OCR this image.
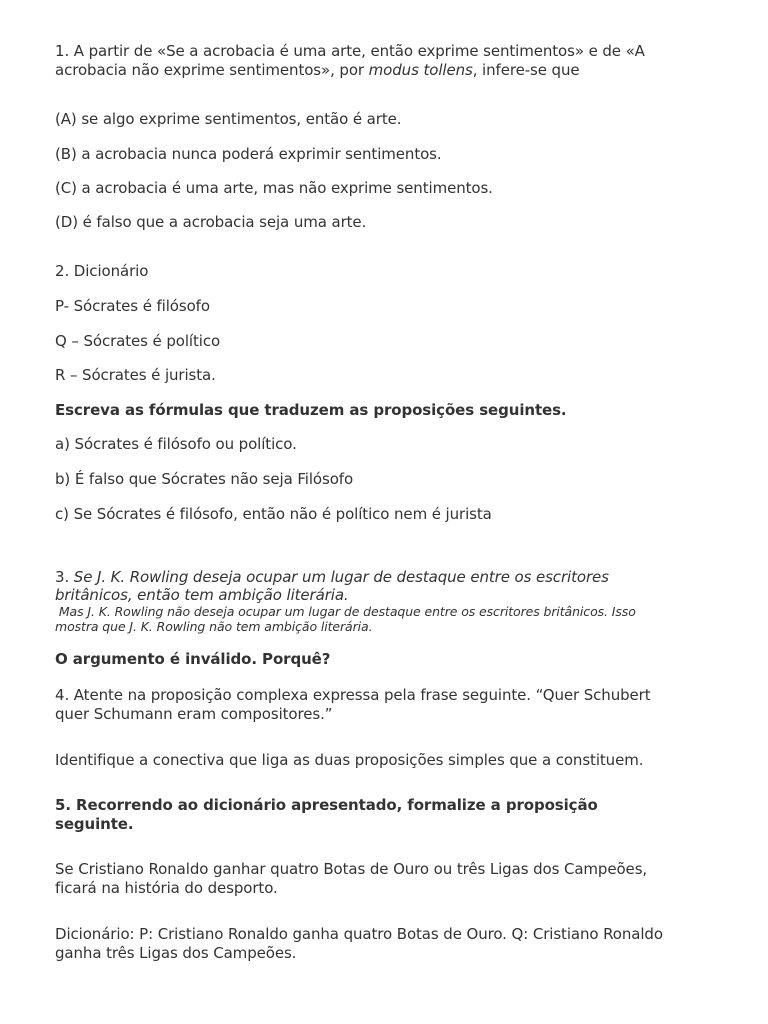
1. A partir de «Se a acrobacia é uma arte, então exprime sentimentos» e de «A
acrobacia não exprime sentimentos», por modus tollens, infere-se que
(A) se algo exprime sentimentos, então é arte.
(B) a acrobacia nunca poderá exprimir sentimentos.
(C) a acrobacia é uma arte, mas não exprime sentimentos.
(D) é falso que a acrobacia seja uma arte.
2. Dicionário
P- Sócrates é filósofo
Q – Sócrates é político
R – Sócrates é jurista.
Escreva as fórmulas que traduzem as proposições seguintes.
a) Sócrates é filósofo ou político.
b) É falso que Sócrates não seja Filósofo
c) Se Sócrates é filósofo, então não é político nem é jurista
3. Se J. K. Rowling deseja ocupar um lugar de destaque entre os escritores
britânicos, então tem ambição literária.
Mas J. K. Rowling não deseja ocupar um lugar de destaque entre os escritores britânicos. Isso
mostra que J. K. Rowling não tem ambição literária.
O argumento é inválido. Porquê?
4. Atente na proposição complexa expressa pela frase seguinte. “Quer Schubert
quer Schumann eram compositores.”
Identifique a conectiva que liga as duas proposições simples que a constituem.
5. Recorrendo ao dicionário apresentado, formalize a proposição
seguinte.
Se Cristiano Ronaldo ganhar quatro Botas de Ouro ou três Ligas dos Campeões,
ficará na história do desporto.
Dicionário: P: Cristiano Ronaldo ganha quatro Botas de Ouro. Q: Cristiano Ronaldo
ganha três Ligas dos Campeões.
